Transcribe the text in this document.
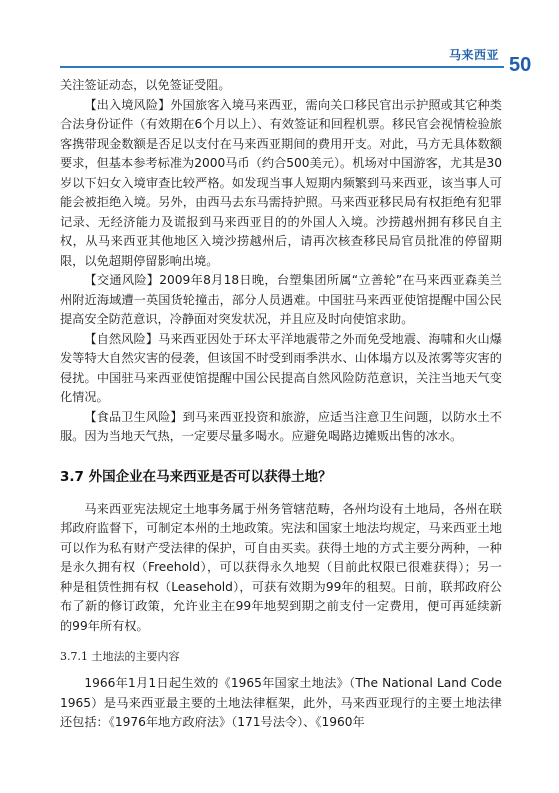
马来西亚 50

关注签证动态，以免签证受阻。

【出入境风险】外国旅客入境马来西亚，需向关口移民官出示护照或其它种类合法身份证件（有效期在6个月以上）、有效签证和回程机票。移民官会视情检验旅客携带现金数额是否足以支付在马来西亚期间的费用开支。对此，马方无具体数额要求，但基本参考标准为2000马币（约合500美元）。机场对中国游客，尤其是30岁以下妇女入境审查比较严格。如发现当事人短期内频繁到马来西亚，该当事人可能会被拒绝入境。另外，由西马去东马需持护照。马来西亚移民局有权拒绝有犯罪记录、无经济能力及谎报到马来西亚目的的外国人入境。沙捞越州拥有移民自主权，从马来西亚其他地区入境沙捞越州后，请再次核查移民局官员批准的停留期限，以免超期停留影响出境。

【交通风险】2009年8月18日晚，台塑集团所属“立善轮”在马来西亚森美兰州附近海域遭一英国货轮撞击，部分人员遇难。中国驻马来西亚使馆提醒中国公民提高安全防范意识，冷静面对突发状况，并且应及时向使馆求助。

【自然风险】马来西亚因处于环太平洋地震带之外而免受地震、海啸和火山爆发等特大自然灾害的侵袭，但该国不时受到雨季洪水、山体塌方以及浓雾等灾害的侵扰。中国驻马来西亚使馆提醒中国公民提高自然风险防范意识，关注当地天气变化情况。

【食品卫生风险】到马来西亚投资和旅游，应适当注意卫生问题，以防水土不服。因为当地天气热，一定要尽量多喝水。应避免喝路边摊贩出售的冰水。

3.7 外国企业在马来西亚是否可以获得土地？

马来西亚宪法规定土地事务属于州务管辖范畴，各州均设有土地局，各州在联邦政府监督下，可制定本州的土地政策。宪法和国家土地法均规定，马来西亚土地可以作为私有财产受法律的保护，可自由买卖。获得土地的方式主要分两种，一种是永久拥有权（Freehold），可以获得永久地契（目前此权限已很难获得）；另一种是租赁性拥有权（Leasehold），可获有效期为99年的租契。日前，联邦政府公布了新的修订政策，允许业主在99年地契到期之前支付一定费用，便可再延续新的99年所有权。

3.7.1 土地法的主要内容

1966年1月1日起生效的《1965年国家土地法》（The National Land Code 1965）是马来西亚最主要的土地法律框架，此外，马来西亚现行的主要土地法律还包括：《1976年地方政府法》（171号法令）、《1960年
